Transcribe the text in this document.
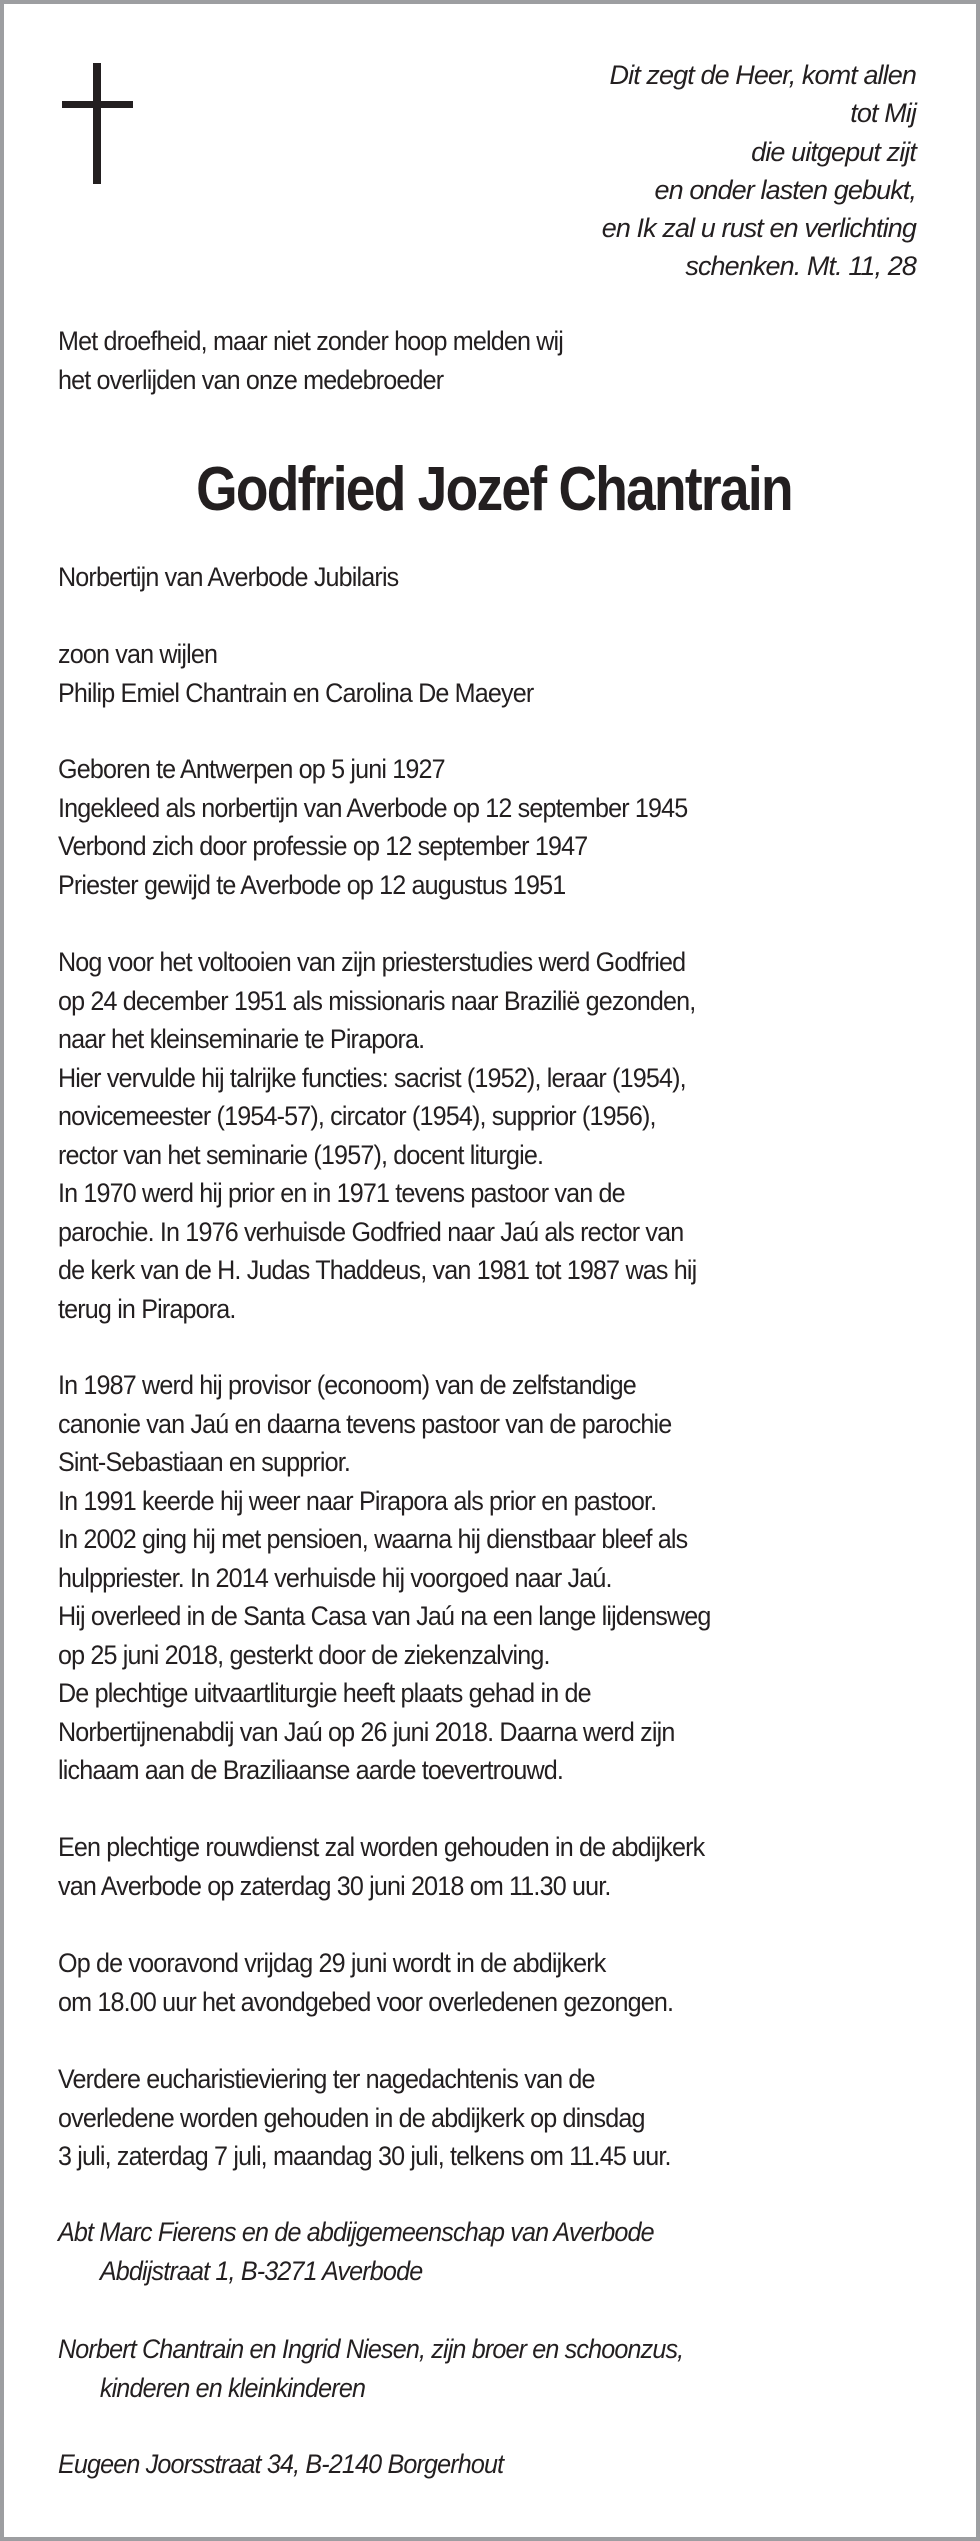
Dit zegt de Heer, komt allen
tot Mij
die uitgeput zijt
en onder lasten gebukt,
en Ik zal u rust en verlichting
schenken. Mt. 11, 28
Met droefheid, maar niet zonder hoop melden wij
het overlijden van onze medebroeder
Godfried Jozef Chantrain
Norbertijn van Averbode Jubilaris
zoon van wijlen
Philip Emiel Chantrain en Carolina De Maeyer
Geboren te Antwerpen op 5 juni 1927
Ingekleed als norbertijn van Averbode op 12 september 1945
Verbond zich door professie op 12 september 1947
Priester gewijd te Averbode op 12 augustus 1951
Nog voor het voltooien van zijn priesterstudies werd Godfried
op 24 december 1951 als missionaris naar Brazilië gezonden,
naar het kleinseminarie te Pirapora.
Hier vervulde hij talrijke functies: sacrist (1952), leraar (1954),
novicemeester (1954-57), circator (1954), supprior (1956),
rector van het seminarie (1957), docent liturgie.
In 1970 werd hij prior en in 1971 tevens pastoor van de
parochie. In 1976 verhuisde Godfried naar Jaú als rector van
de kerk van de H. Judas Thaddeus, van 1981 tot 1987 was hij
terug in Pirapora.
In 1987 werd hij provisor (econoom) van de zelfstandige
canonie van Jaú en daarna tevens pastoor van de parochie
Sint-Sebastiaan en supprior.
In 1991 keerde hij weer naar Pirapora als prior en pastoor.
In 2002 ging hij met pensioen, waarna hij dienstbaar bleef als
hulppriester. In 2014 verhuisde hij voorgoed naar Jaú.
Hij overleed in de Santa Casa van Jaú na een lange lijdensweg
op 25 juni 2018, gesterkt door de ziekenzalving.
De plechtige uitvaartliturgie heeft plaats gehad in de
Norbertijnenabdij van Jaú op 26 juni 2018. Daarna werd zijn
lichaam aan de Braziliaanse aarde toevertrouwd.
Een plechtige rouwdienst zal worden gehouden in de abdijkerk
van Averbode op zaterdag 30 juni 2018 om 11.30 uur.
Op de vooravond vrijdag 29 juni wordt in de abdijkerk
om 18.00 uur het avondgebed voor overledenen gezongen.
Verdere eucharistieviering ter nagedachtenis van de
overledene worden gehouden in de abdijkerk op dinsdag
3 juli, zaterdag 7 juli, maandag 30 juli, telkens om 11.45 uur.
Abt Marc Fierens en de abdijgemeenschap van Averbode
Abdijstraat 1, B-3271 Averbode
Norbert Chantrain en Ingrid Niesen, zijn broer en schoonzus,
kinderen en kleinkinderen
Eugeen Joorsstraat 34, B-2140 Borgerhout
